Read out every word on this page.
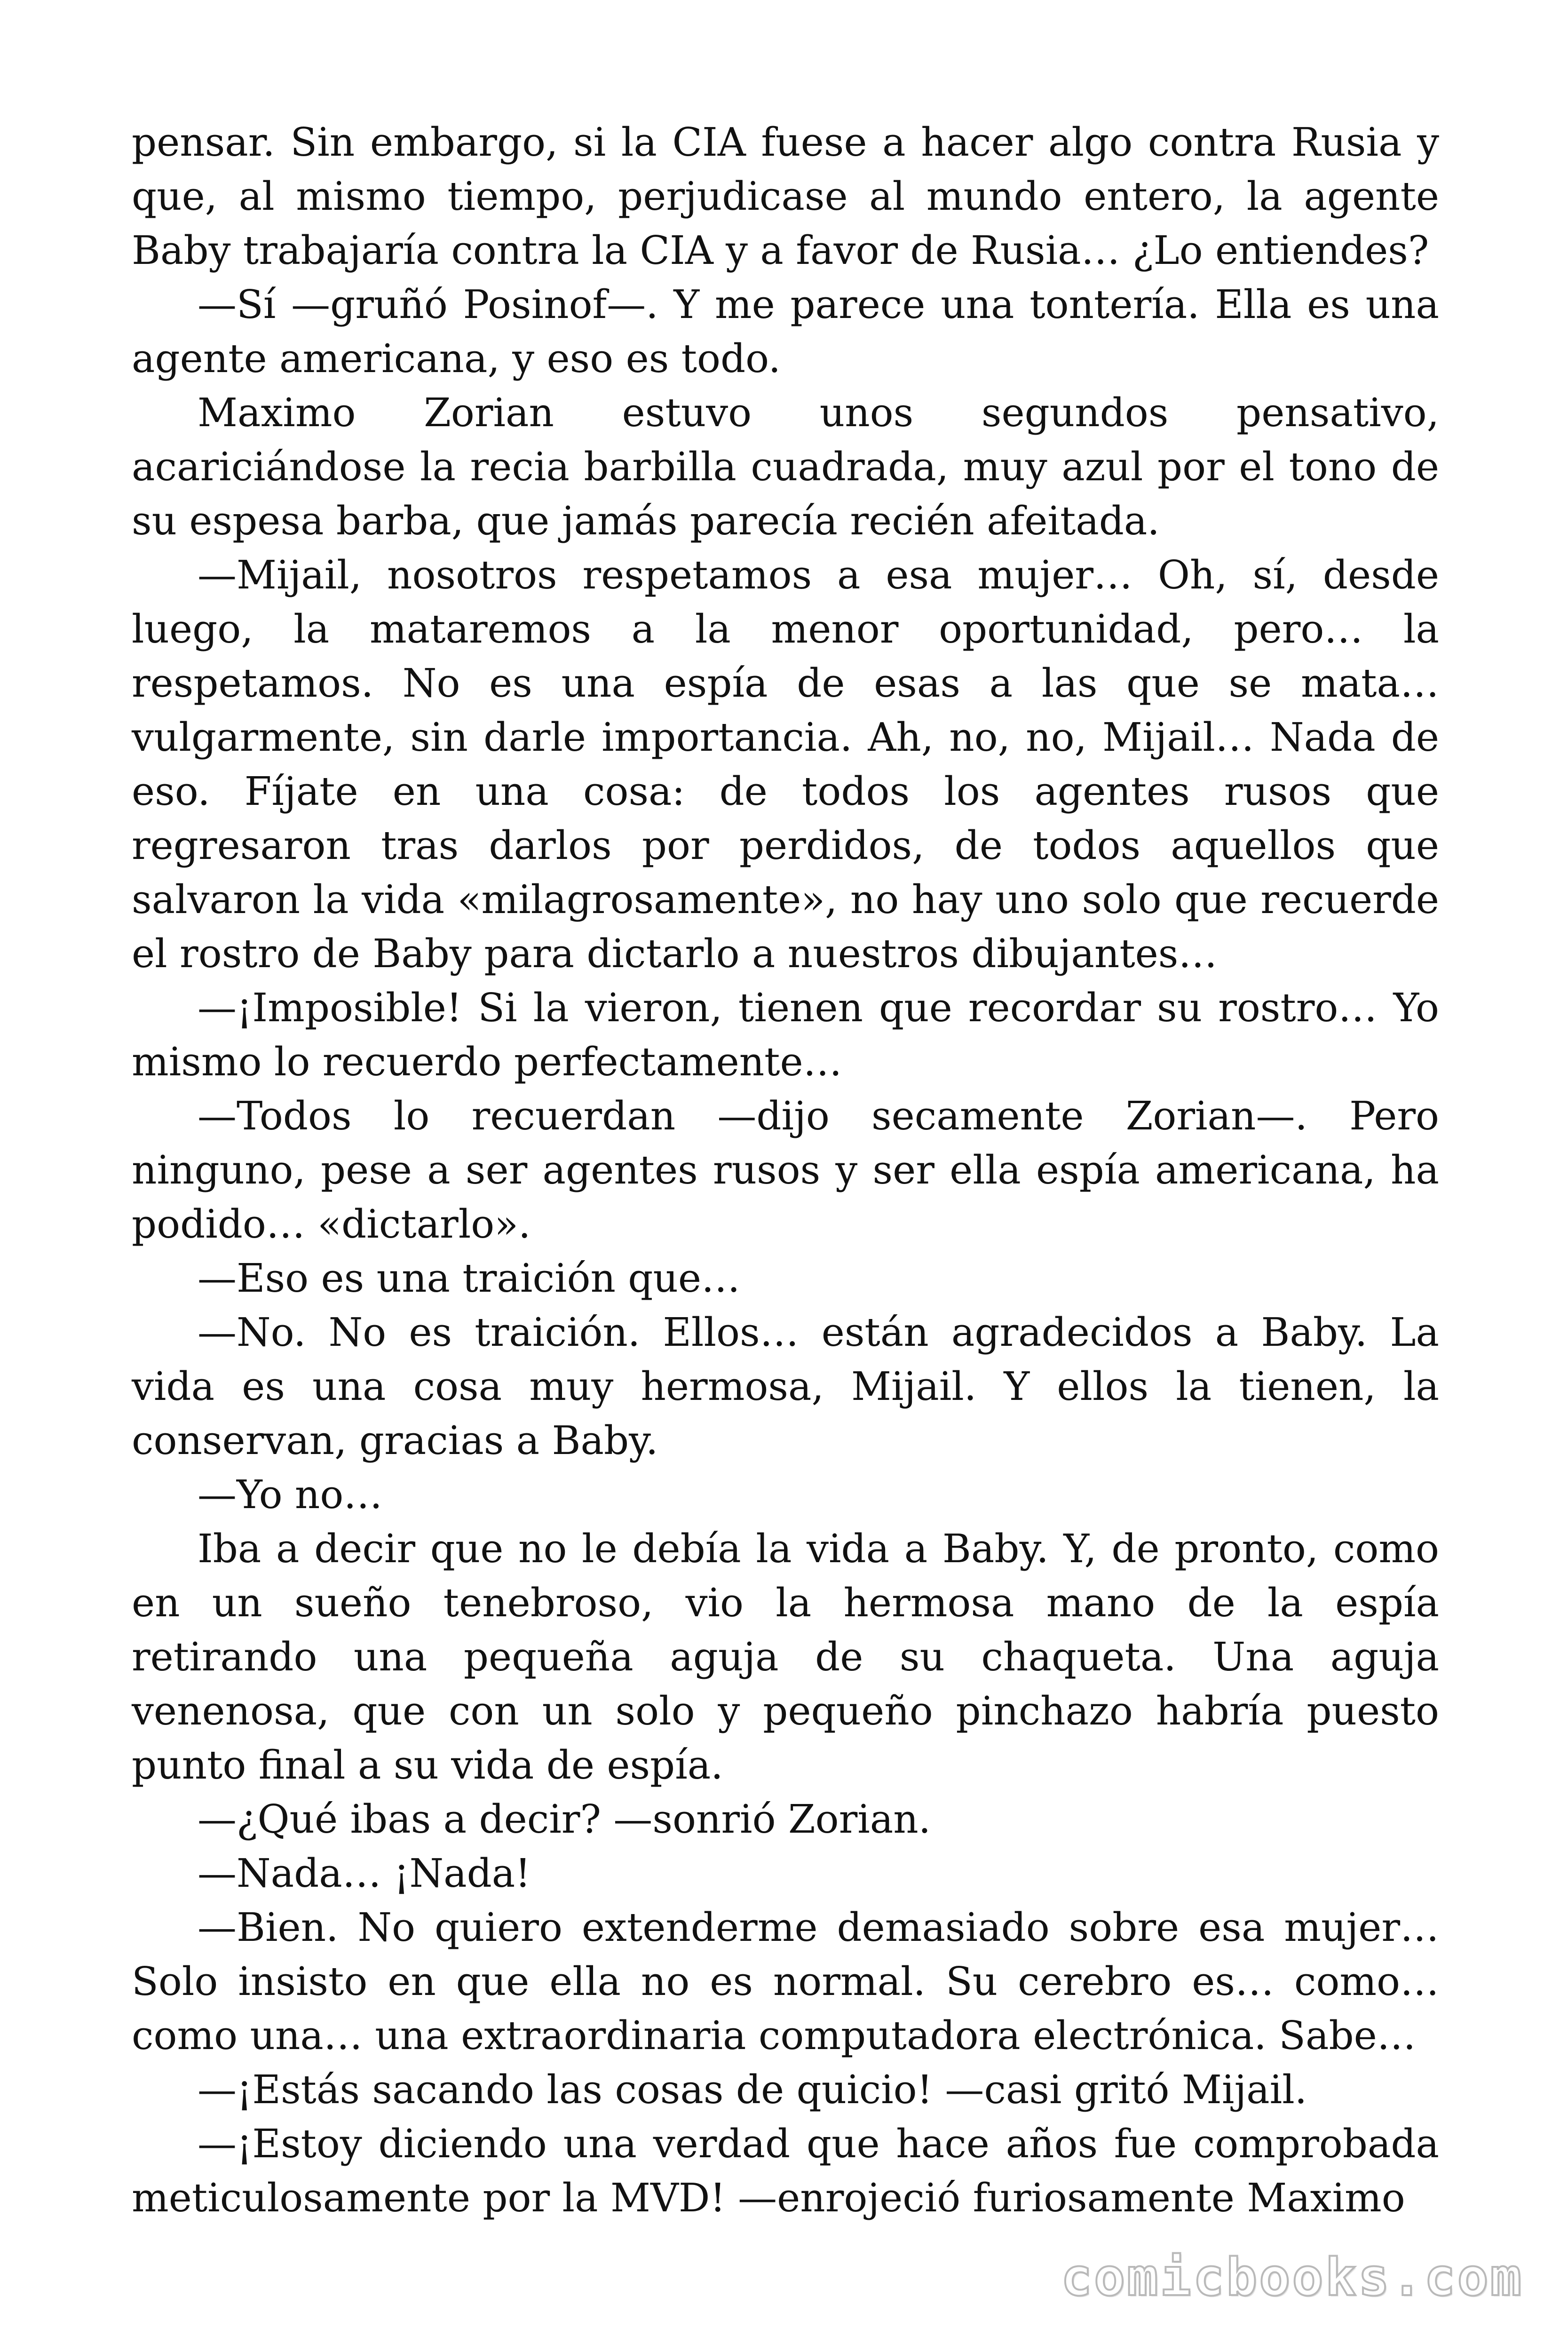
pensar. Sin embargo, si la CIA fuese a hacer algo contra Rusia y que, al mismo tiempo, perjudicase al mundo entero, la agente Baby trabajaría contra la CIA y a favor de Rusia… ¿Lo entiendes?

—Sí —gruñó Posinof—. Y me parece una tontería. Ella es una agente americana, y eso es todo.

Maximo Zorian estuvo unos segundos pensativo, acariciándose la recia barbilla cuadrada, muy azul por el tono de su espesa barba, que jamás parecía recién afeitada.

—Mijail, nosotros respetamos a esa mujer… Oh, sí, desde luego, la mataremos a la menor oportunidad, pero… la respetamos. No es una espía de esas a las que se mata… vulgarmente, sin darle importancia. Ah, no, no, Mijail… Nada de eso. Fíjate en una cosa: de todos los agentes rusos que regresaron tras darlos por perdidos, de todos aquellos que salvaron la vida «milagrosamente», no hay uno solo que recuerde el rostro de Baby para dictarlo a nuestros dibujantes…

—¡Imposible! Si la vieron, tienen que recordar su rostro… Yo mismo lo recuerdo perfectamente…

—Todos lo recuerdan —dijo secamente Zorian—. Pero ninguno, pese a ser agentes rusos y ser ella espía americana, ha podido… «dictarlo».

—Eso es una traición que…

—No. No es traición. Ellos… están agradecidos a Baby. La vida es una cosa muy hermosa, Mijail. Y ellos la tienen, la conservan, gracias a Baby.

—Yo no…

Iba a decir que no le debía la vida a Baby. Y, de pronto, como en un sueño tenebroso, vio la hermosa mano de la espía retirando una pequeña aguja de su chaqueta. Una aguja venenosa, que con un solo y pequeño pinchazo habría puesto punto final a su vida de espía.

—¿Qué ibas a decir? —sonrió Zorian.

—Nada… ¡Nada!

—Bien. No quiero extenderme demasiado sobre esa mujer… Solo insisto en que ella no es normal. Su cerebro es… como… como una… una extraordinaria computadora electrónica. Sabe…

—¡Estás sacando las cosas de quicio! —casi gritó Mijail.

—¡Estoy diciendo una verdad que hace años fue comprobada meticulosamente por la MVD! —enrojeció furiosamente Maximo

comicbooks.com
